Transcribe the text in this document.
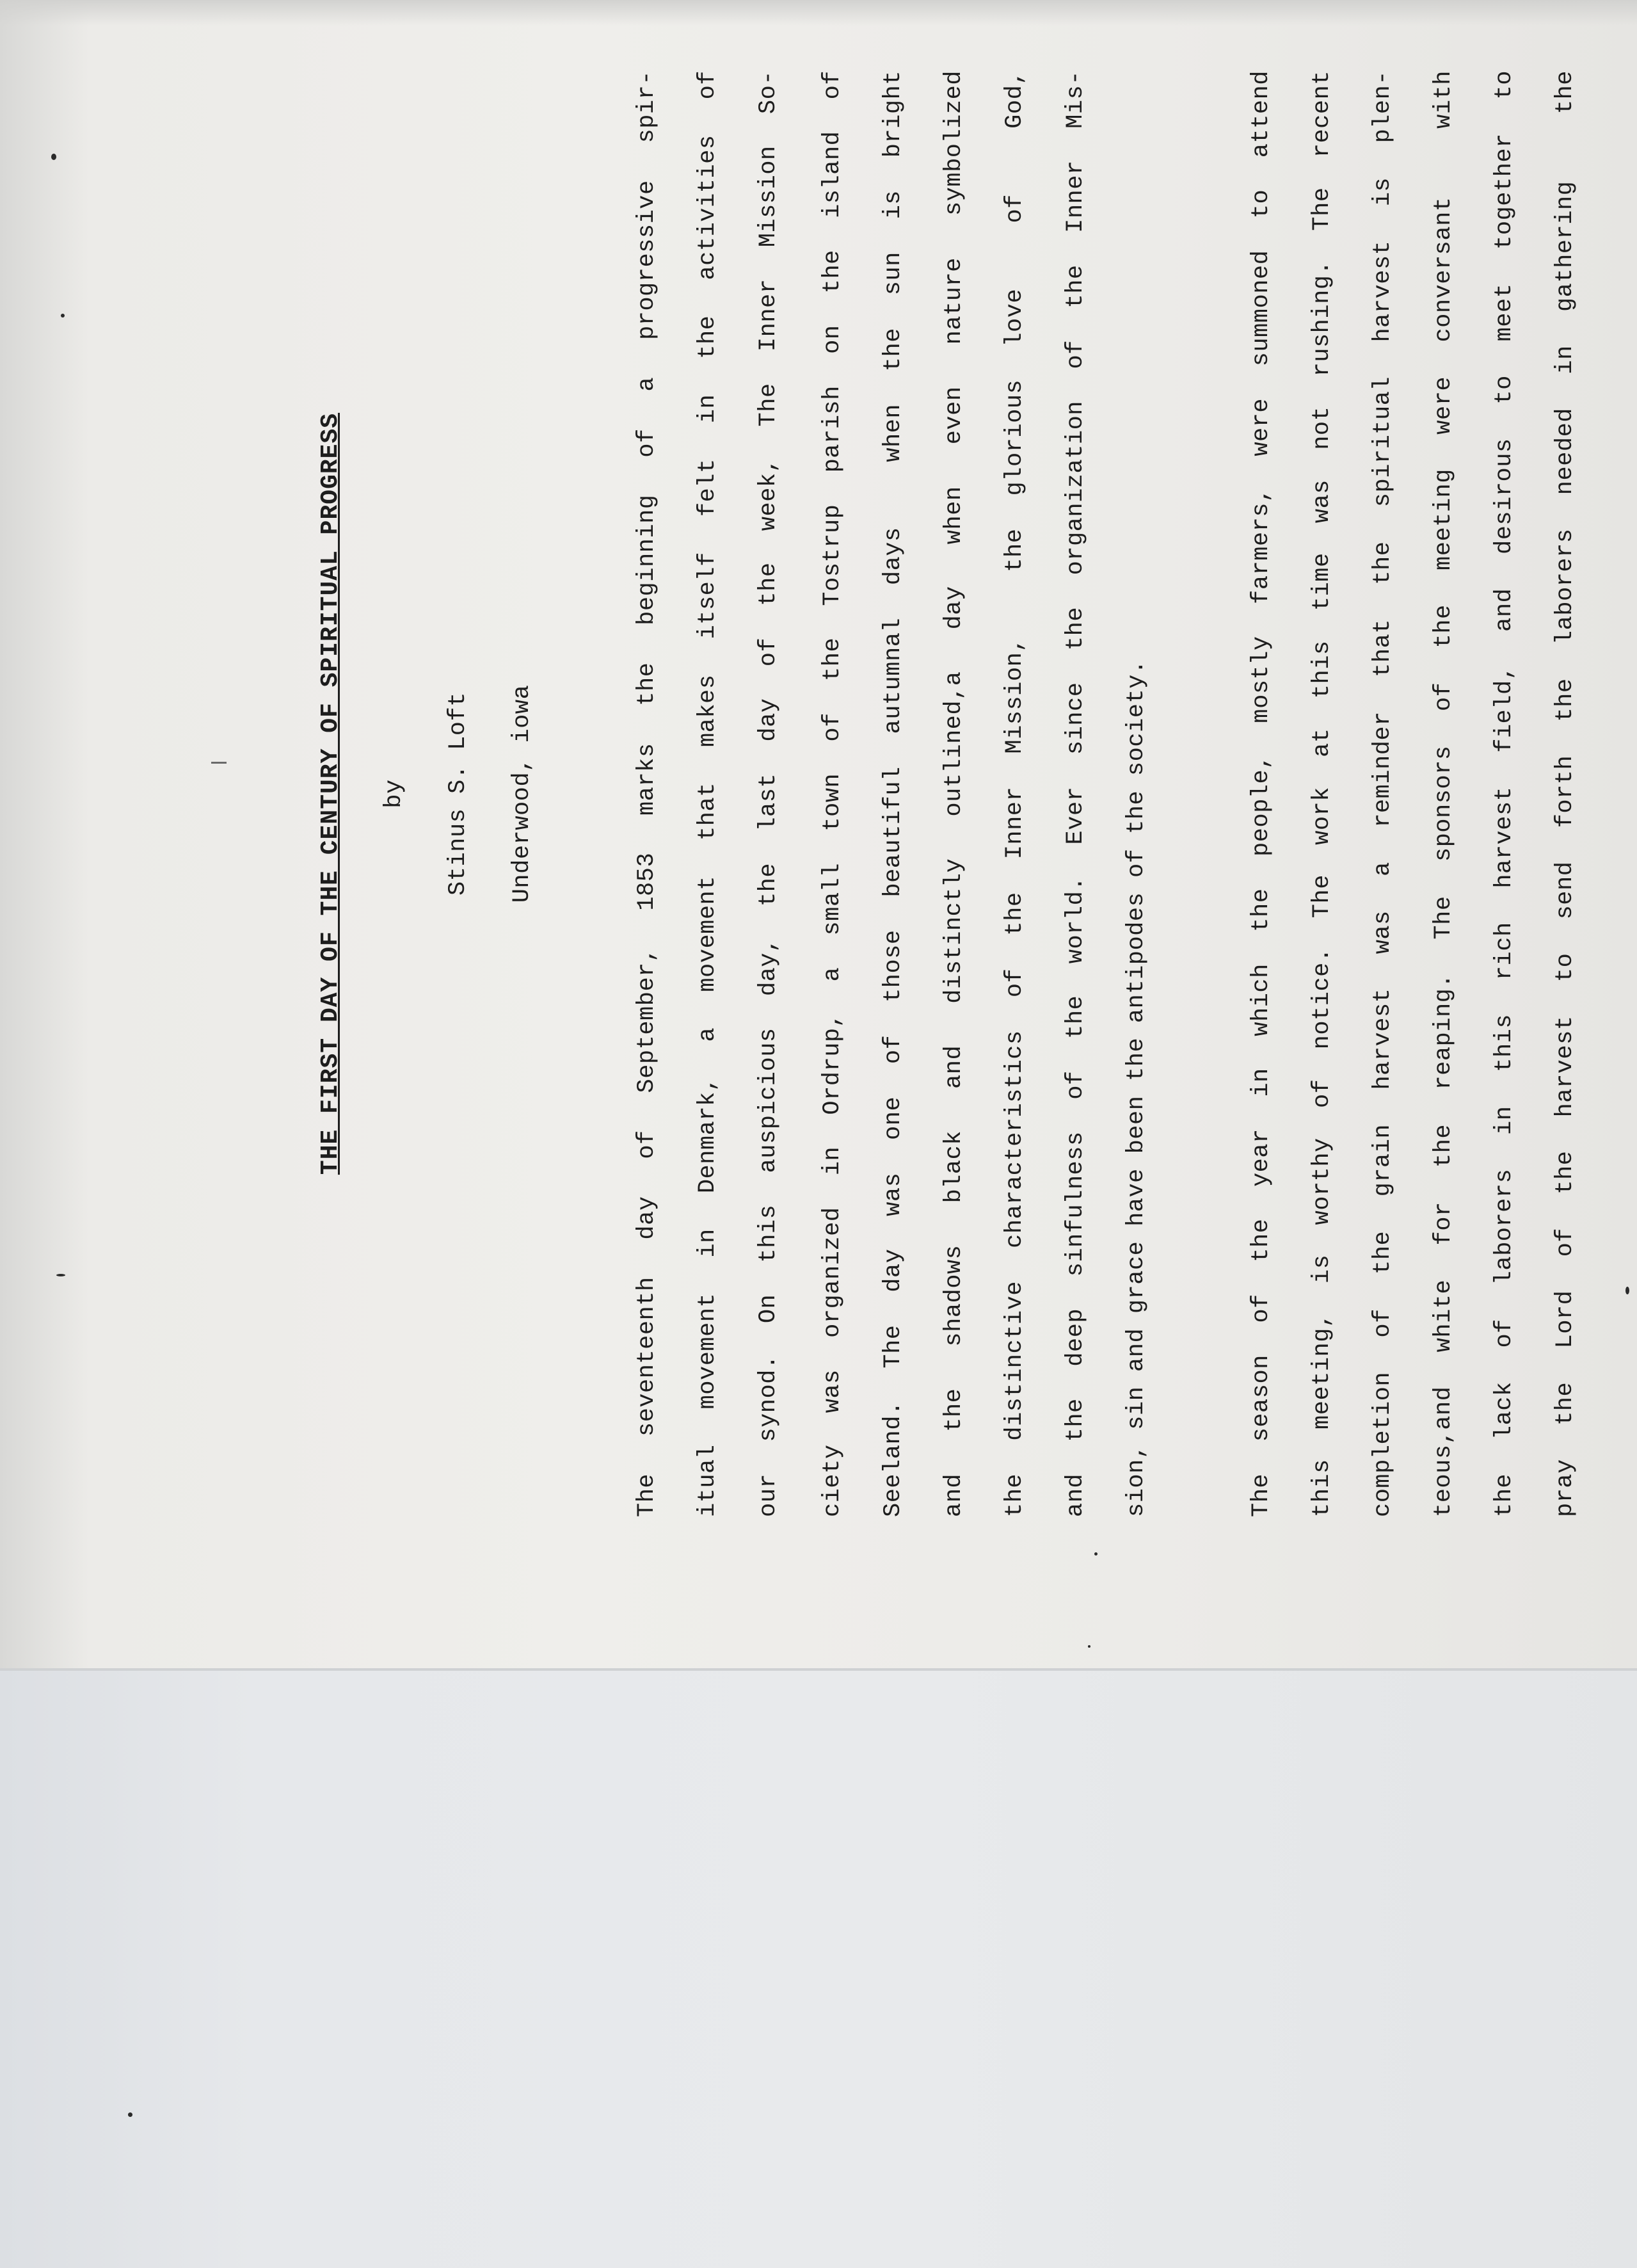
THE FIRST DAY OF THE CENTURY OF SPIRITUAL PROGRESS by Stinus S. Loft Underwood, iowa	The seventeenth day of September, 1853 marks the beginning of a progressive spir- itual movement in Denmark, a movement that makes itself felt in the activities of our synod. On this auspicious day, the last day of the week, The Inner Mission So- ciety was organized in Ordrup, a small town of the Tostrup parish on the island of Seeland. The day was one of those beautiful autumnal days  when the sun is bright and the shadows black and distinctly outlined,a day when even nature symbolized the distinctive characteristics of the Inner Mission,  the glorious love  of  God, and the deep sinfulness of the world. Ever since the organization of the Inner Mis- sion, sin and grace have been the antipodes of the society.	The season of the year in which the people, mostly farmers, were summoned to attend this meeting, is worthy of notice. The work at this time was not rushing. The recent completion of the grain harvest was a reminder that the spiritual harvest is plen- teous,and white for the reaping. The sponsors of the meeting were conversant  with the lack of laborers in this rich harvest field, and desirous to meet together to pray the Lord of the harvest to send forth the laborers needed in gathering  the
